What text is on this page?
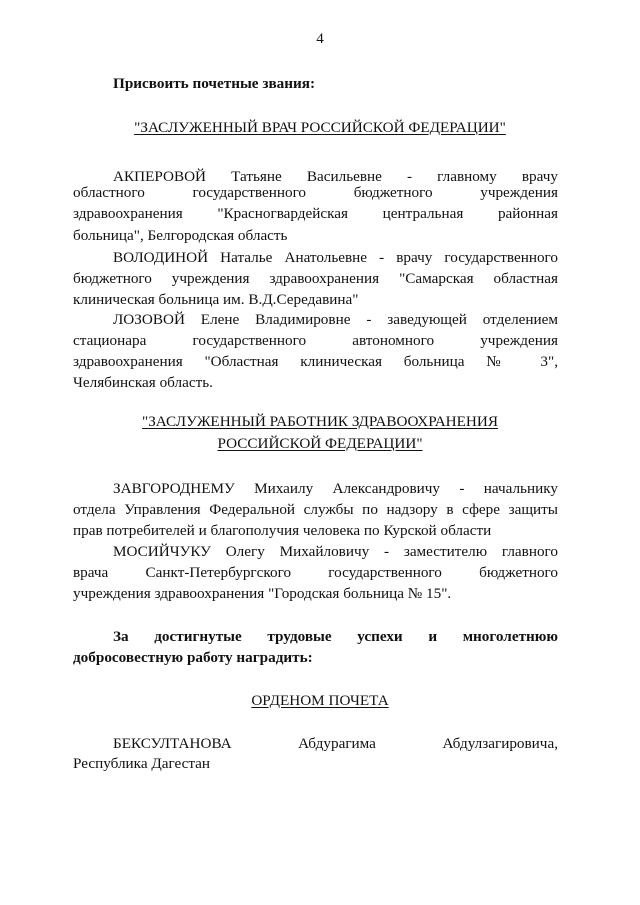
4
Присвоить почетные звания:
"ЗАСЛУЖЕННЫЙ ВРАЧ РОССИЙСКОЙ ФЕДЕРАЦИИ"
АКПЕРОВОЙ Татьяне Васильевне - главному врачу
областного государственного бюджетного учреждения
здравоохранения "Красногвардейская центральная районная
больница", Белгородская область
ВОЛОДИНОЙ Наталье Анатольевне - врачу государственного
бюджетного учреждения здравоохранения "Самарская областная
клиническая больница им. В.Д.Середавина"
ЛОЗОВОЙ Елене Владимировне - заведующей отделением
стационара государственного автономного учреждения
здравоохранения "Областная клиническая больница № 3",
Челябинская область.
"ЗАСЛУЖЕННЫЙ РАБОТНИК ЗДРАВООХРАНЕНИЯ
РОССИЙСКОЙ ФЕДЕРАЦИИ"
ЗАВГОРОДНЕМУ Михаилу Александровичу - начальнику
отдела Управления Федеральной службы по надзору в сфере защиты
прав потребителей и благополучия человека по Курской области
МОСИЙЧУКУ Олегу Михайловичу - заместителю главного
врача Санкт-Петербургского государственного бюджетного
учреждения здравоохранения "Городская больница № 15".
За достигнутые трудовые успехи и многолетнюю
добросовестную работу наградить:
ОРДЕНОМ ПОЧЕТА
БЕКСУЛТАНОВА Абдурагима Абдулзагировича,
Республика Дагестан
